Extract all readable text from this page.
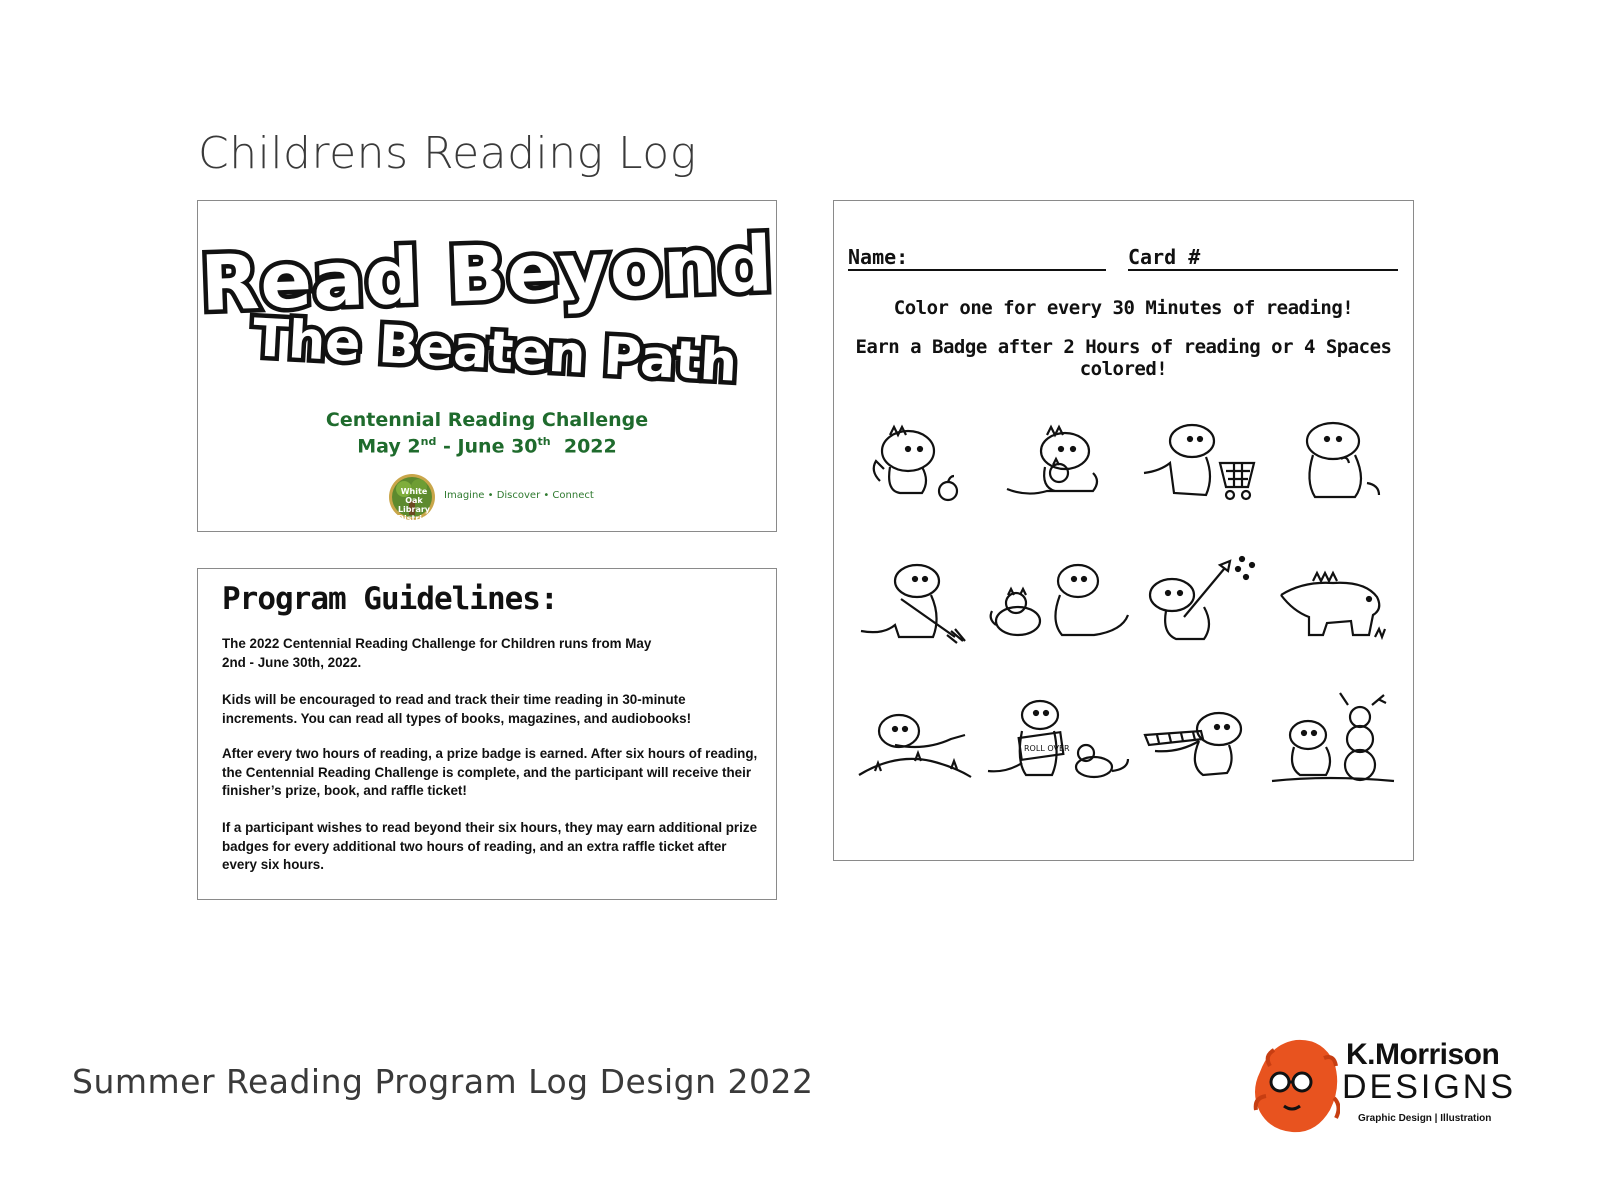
Childrens Reading Log
Read Beyond
The Beaten Path
Centennial Reading Challenge
May 2nd - June 30th 2022
White Oak Library District
Imagine • Discover • Connect
Program Guidelines:
The 2022 Centennial Reading Challenge for Children runs from May 2nd - June 30th, 2022.
Kids will be encouraged to read and track their time reading in 30-minute increments. You can read all types of books, magazines, and audiobooks!
After every two hours of reading, a prize badge is earned. After six hours of reading, the Centennial Reading Challenge is complete, and the participant will receive their finisher’s prize, book, and raffle ticket!
If a participant wishes to read beyond their six hours, they may earn additional prize badges for every additional two hours of reading, and an extra raffle ticket after every six hours.
Name:	Card #
Color one for every 30 Minutes of reading!
Earn a Badge after 2 Hours of reading or 4 Spaces colored!
ROLL OVER
Summer Reading Program Log Design 2022
K.Morrison
DESIGNS
Graphic Design | Illustration
